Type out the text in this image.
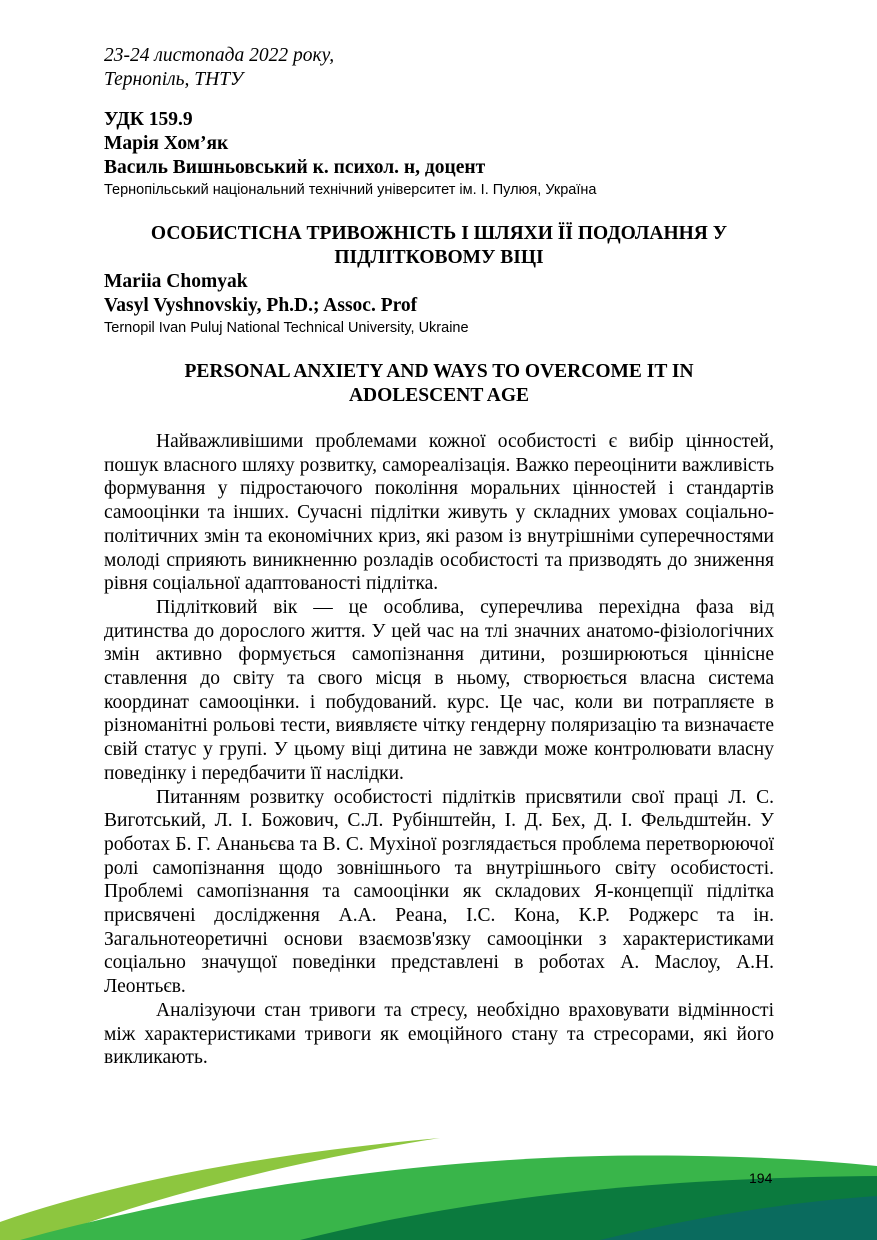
23-24 листопада 2022 року,
Тернопіль, ТНТУ
УДК 159.9
Марія Хом’як
Василь Вишньовський к. психол. н, доцент
Тернопільський національний технічний університет ім. І. Пулюя, Україна
ОСОБИСТІСНА ТРИВОЖНІСТЬ І ШЛЯХИ ЇЇ ПОДОЛАННЯ У
ПІДЛІТКОВОМУ ВІЦІ
Mariia Chomyak
Vasyl Vyshnovskiy, Ph.D.; Assoc. Prof
Ternopil Ivan Puluj National Technical University, Ukraine
PERSONAL ANXIETY AND WAYS TO OVERCOME IT IN
ADOLESCENT AGE

Найважливішими проблемами кожної особистості є вибір цінностей, пошук власного шляху розвитку, самореалізація. Важко переоцінити важливість формування у підростаючого покоління моральних цінностей і стандартів самооцінки та інших. Сучасні підлітки живуть у складних умовах соціально-політичних змін та економічних криз, які разом із внутрішніми суперечностями молоді сприяють виникненню розладів особистості та призводять до зниження рівня соціальної адаптованості підлітка.

Підлітковий вік — це особлива, суперечлива перехідна фаза від дитинства до дорослого життя. У цей час на тлі значних анатомо-фізіологічних змін активно формується самопізнання дитини, розширюються ціннісне ставлення до світу та свого місця в ньому, створюється власна система координат самооцінки. і побудований. курс. Це час, коли ви потрапляєте в різноманітні рольові тести, виявляєте чітку гендерну поляризацію та визначаєте свій статус у групі. У цьому віці дитина не завжди може контролювати власну поведінку і передбачити її наслідки.

Питанням розвитку особистості підлітків присвятили свої праці Л. С. Виготський, Л. І. Божович, С.Л. Рубінштейн, І. Д. Бех, Д. І. Фельдштейн. У роботах Б. Г. Ананьєва та В. С. Мухіної розглядається проблема перетворюючої ролі самопізнання щодо зовнішнього та внутрішнього світу особистості. Проблемі самопізнання та самооцінки як складових Я-концепції підлітка присвячені дослідження А.А. Реана, І.С. Кона, К.Р. Роджерс та ін. Загальнотеоретичні основи взаємозв'язку самооцінки з характеристиками соціально значущої поведінки представлені в роботах А. Маслоу, А.Н. Леонтьєв.

Аналізуючи стан тривоги та стресу, необхідно враховувати відмінності між характеристиками тривоги як емоційного стану та стресорами, які його викликають.

194
